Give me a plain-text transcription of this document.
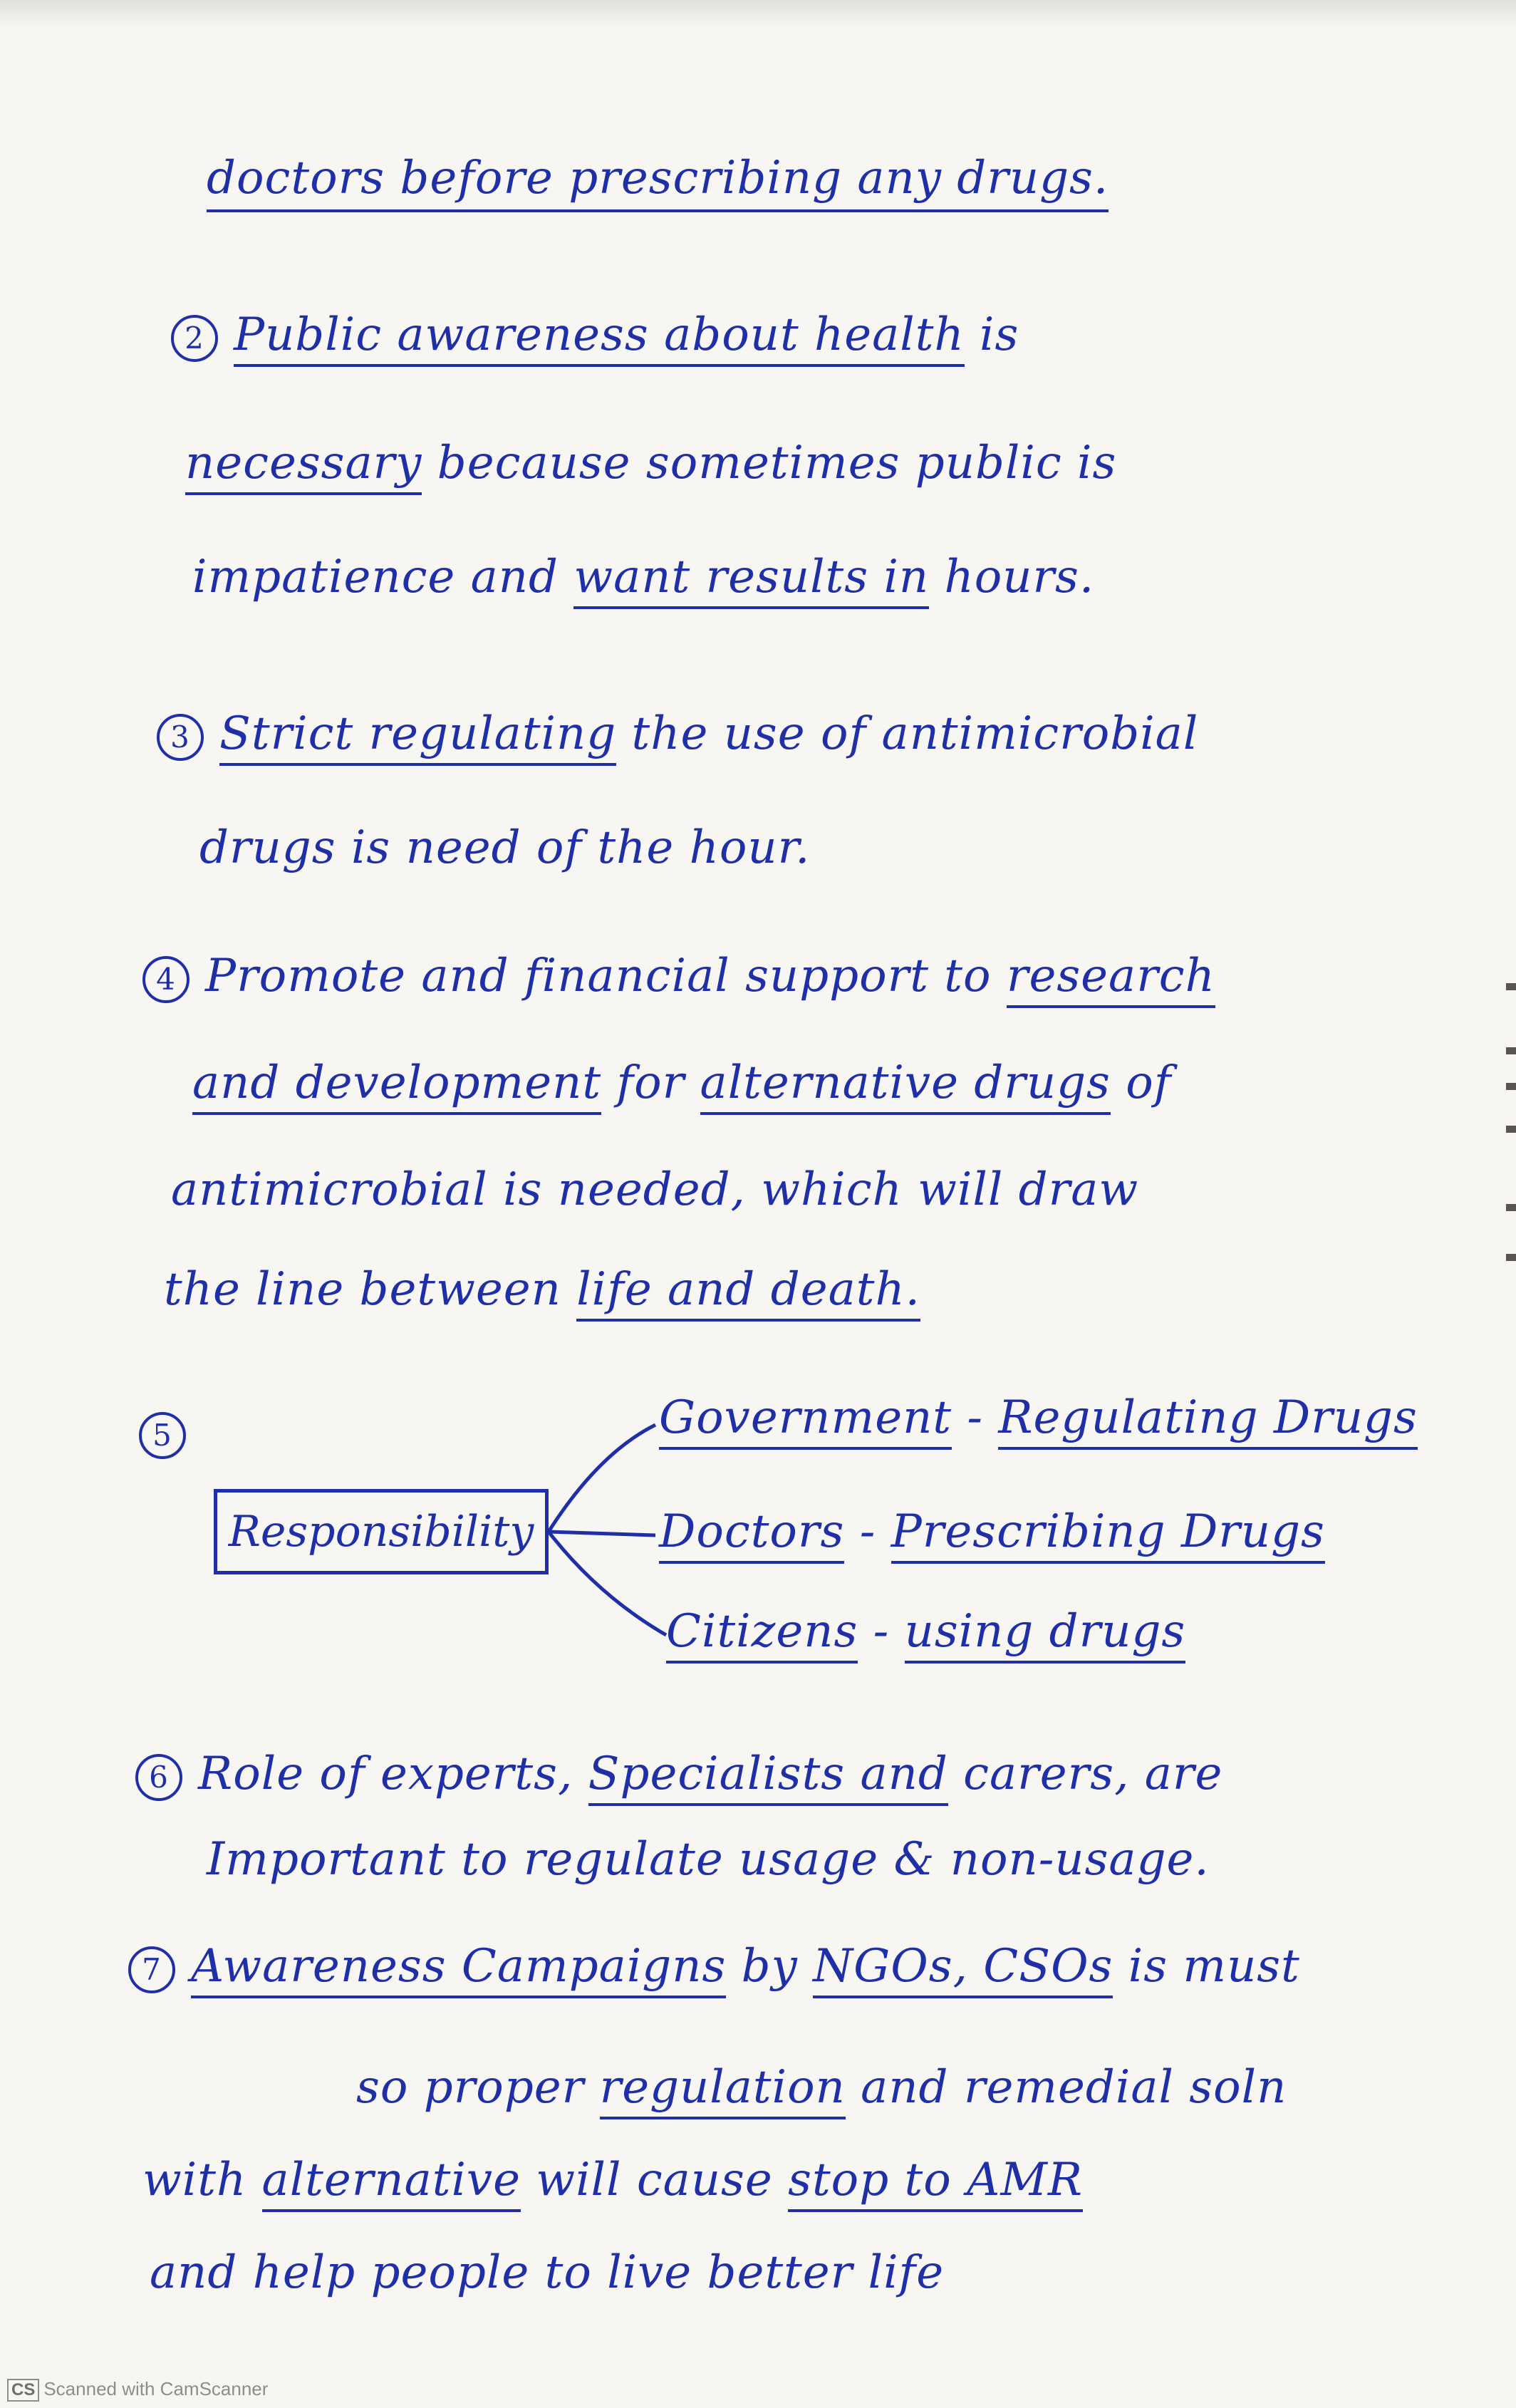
doctors before prescribing any drugs.
2 Public awareness about health is
necessary because sometimes public is
impatience and want results in hours.
3 Strict regulating the use of antimicrobial
drugs is need of the hour.
4 Promote and financial support to research
and development for alternative drugs of
antimicrobial is needed, which will draw
the line between life and death.
5
Responsibility
Government - Regulating Drugs
Doctors - Prescribing Drugs
Citizens - using drugs
6 Role of experts, Specialists and carers, are
Important to regulate usage & non-usage.
7 Awareness Campaigns by NGOs, CSOs is must
so proper regulation and remedial soln
with alternative will cause stop to AMR
and help people to live better life
CS Scanned with CamScanner
